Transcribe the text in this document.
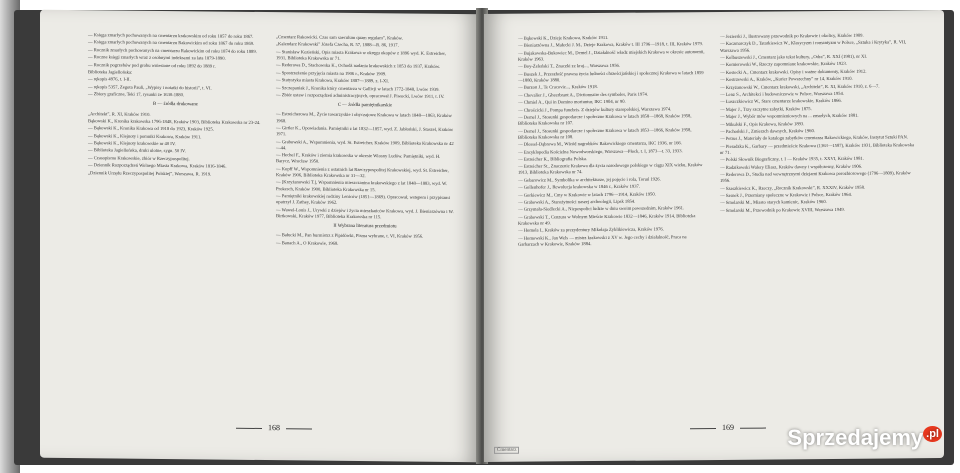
— Księga zmarłych pochowanych na cmentarzu krakowskim od roku 1857 do roku 1867.

— Księga zmarłych pochowanych na cmentarzu Rakowickim od roku 1867 do roku 1869.

— Rocznik zmarłych pochowanych na cmentarzu Rakowickim od roku 1874 do roku 1889.

— Roczne księgi zmarłych wraz z osobnymi indeksami za lata 1879-1890.

— Rocznik pogrzebów pod grobu wniesione od roku 1892 do 1889 r.

Biblioteka Jagiellońska:

— rękopis 4976, t. I-II.

— rękopis 5357, Zegota Pauli, „Wypisy i notatki do historii”, t. VI.

— Zbiory graficzne, Teki 17, rysunki ze 1630-1880.

B — źródła drukowane

„Architekt”, R. XI, Kraków 1910.

Bąkowski K., Kronika krakowska 1796-1848, Kraków 1903, Biblioteka Krakowska nr 23-24.

— Bąkowski K., Kronika Krakowa od 1918 do 1923, Kraków 1925.

— Bąkowski K., Klejnoty i pomniki Krakowa, Kraków 1911.

— Bąkowski K., Klejnoty krakowskie nr 40 IV.

— Biblioteka Jagiellońska, druki ulotne, sygn. 50 IV.

— Czasopismo Krakowskie, zbiór w Rzeczypospolitej.

— Dziennik Rozporządzeń Wolnego Miasta Krakowa, Kraków 1816-1846.

„Dziennik Urzędu Rzeczypospolitej Polskiej”, Warszawa, R. 1919.

„Cmentarz Rakowicki. Czas sam saeculum quam regulam”, Kraków.

„Kalendarz Krakowski” Józefa Czecha, R. 57, 1888—R. 86, 1917.

— Stanisław Kozieński, Opis miasta Krakowa w okręgu okopów z 1896 wyd. K. Estreicher, 1931, Biblioteka Krakowska nr 71.

— Rederowa D., Stachowska K., Ochodź nadania krakowskich z 1853 do 1937, Kraków.

— Spostrzeżenie przyjęcia miasta na 1906 r., Kraków 1909.

— Statystyka miasta Krakowa, Kraków 1887—1889, z. I-XI.

— Szczepaniak J., Kronika który cmentarza w Gallicji w latach 1772-1848, Lwów 1939.

— Zbiór ustaw i rozporządzeń administracyjnych, opracował J. Piwocki, Lwów 1911, t. IV.

C — źródła pamiętnikarskie

— Estreicherowa M., Życie towarzyskie i obyczajowe Krakowa w latach 1848—1863, Kraków 1968.

— Girtler K., Opowiadania. Pamiętniki z lat 1832—1857, wyd. Z. Jabłoński, J. Staszel, Kraków 1971.

— Grabowski A., Wspomnienia, wyd. St. Estreicher, Kraków 1909, Biblioteka Krakowska nr 42—44.

— Hechel F., Kraków i ziemia krakowska w okresie Wiosny Ludów. Pamiętniki, wyd. H. Barycz, Wrocław 1950.

— Kopff W., Wspomnienia z ostatnich lat Rzeczypospolitej Krakowskiej, wyd. St. Estreicher, Kraków 1906, Biblioteka Krakowska nr 31—32.

— [Krzyżanowski T.], Wspomnienia mieszczanina krakowskiego z lat 1848—1883, wyd. W. Prokesch, Kraków 1900, Biblioteka Krakowska nr 15.

— Pamiętniki krakowskiej rodziny Leniców (1851—1869). Opracował, wstępem i przypisami opatrzył J. Zathey, Kraków 1962.

— Wawel-Louis J., Urywki z dziejów i życia mieszkańców Krakowa, wyd. J. Bieniarzówna i W. Birtkowski, Kraków 1977, Biblioteka Krakowska nr 115.

II Wybrana literatura przedmiotu

— Bałucki M., Pan burmistrz z Pipidówki, Pisma wybrane, t. VI, Kraków 1956.

— Banach A., O Krakowie, 1968.

168

— Bąkowski K., Dzieje Krakowa, Kraków 1911.

— Bieniarzówna J., Małecki J. M., Dzieje Krakowa, Kraków t. III 1796—1918, t. III, Kraków 1979.

— Bujakowska-Bukowiec M., Demel J., Działalność władz miejskich Krakowa w okresie autonomii, Kraków 1963.

— Boy-Żeleński T., Znaczki ze kraj..., Warszawa 1956.

— Buszek J., Przeszłość prawna życia ludności chrześcijańskiej i społecznej Krakowa w latach 1859—1880, Kraków 1880.

— Burzon J., Te Cracovie..., Kraków 1918.

— Chevalier J., Gheerbrant A., Dictionnaire des symboles, Paris 1974.

— Chmiel A., Qui in Domino moriuntur, IKC 1904, nr 90.

— Chrościcki J., Pompa funebris. Z dziejów kultury staropolskiej, Warszawa 1974.

— Demel J., Stosunki gospodarcze i społeczne Krakowa w latach 1858—1868, Kraków 1958, Biblioteka Krakowska nr 107.

— Demel J., Stosunki gospodarcze i społeczne Krakowa w latach 1853—1866, Kraków 1958, Biblioteka Krakowska nr 108.

— Dlessel-Dąbrowa M., Wśród nagrobków Rakowickiego cmentarza, IKC 1936, nr 166.

— Encyklopedia Kościelna Nowodworskiego, Warszawa—Płock, t. I, 1873—t. 33, 1933.

— Estreicher K., Bibliografia Polska.

— Estreicher St., Znaczenie Krakowa dla życia narodowego polskiego w ciągu XIX wieku, Kraków 1913, Biblioteka Krakowska nr 74.

— Gebarowicz M., Symbolika w architekturze, jej pojęcie i rola, Toruń 1926.

— Gollenhofer J., Rewolucja krakowska w 1846 r., Kraków 1937.

— Gorkiewicz M., Cmy w Krakowie w latach 1796—1914, Kraków 1950.

— Grabowski A., Starożytności naszej archeologii, Lipsk 1854.

— Grzymała-Siedlecki A., Niepospolici ludzie w dniu swoim powszednim, Kraków 1961.

— Grabowski T., Cenzura w Wolnym Mieście Krakowie 1832—1846, Kraków 1914, Biblioteka Krakowska nr 49.

— Homola I., Kraków za prezydentury Mikołaja Zyblikiewicza, Kraków 1976.

— Homowski K., Jan Wels — mistrz krakowski z XV w. Jego cechy i działalność, Praca na Garbarzach w Krakowie, Kraków 1884.

— Jezierski J., Ilustrowany przewodnik po Krakowie i okolicy, Kraków 1909.

— Kaczmarczyk D., Tatarkiewicz W., Klasycyzm i romantyzm w Polsce, „Sztuka i Krytyka”, R. VII, Warszawa 1956.

— Kolbuszewski J., Cmentarz jako tekst kultury, „Odra”, R. XXI (1981), nr XI.

— Komierowski W., Rzeczy zapomniane krakowskie, Kraków 1923.

— Kostecki A., Cmentarz krakowski. Opisy i ważne dokumenty, Kraków 1912.

— Kostrzewski A., Kraków, „Kurier Powszechny” nr 14, Kraków 1910.

— Krzyżanowski W., Cmentarz krakowski, „Architekt”, R. XI, Kraków 1910, z. 6—7.

— Lenz S., Architekci i budowniczowie w Polsce, Warszawa 1954.

— Łuszczkiewicz W., Stare cmentarze krakowskie, Kraków 1866.

— Majer J., Trzy szczytne zabytki, Kraków 1875.

— Majer J., Wybór mów wspomnieniowych na ... zmarłych, Kraków 1881.

— Mikulski F., Opis Krakowa, Kraków 1893.

— Pachoński J., Zmierzch dawnych, Kraków 1960.

— Petrus J., Materiały do katalogu zabytków cmentarza Rakowickiego, Kraków, Instytut Sztuki PAN.

— Pieradzka K., Garbary — przedmieście Krakowa (1363—1587), Kraków 1931, Biblioteka Krakowska nr 71.

— Polski Słownik Biograficzny, t. I — Kraków 1935, t. XXVI, Kraków 1981.

— Radzikowski Walery Eliasz, Kraków dawny i współczesny, Kraków 1906.

— Rederowa D., Studia nad wewnętrznymi dziejami Krakowa porozbiorowego (1796—1809), Kraków 1956.

— Szaszkiewicz K., Rzeczy, „Rocznik Krakowski”, R. XXXIV, Kraków 1958.

— Sasnek J., Przemiany społeczne w Krakowie i Polsce, Kraków 1964.

— Smolarski M., Miasto starych kamienic, Kraków 1960.

— Smolarski M., Przewodnik po Krakowie XVIII, Warszawa 1949.

169
Cmentarz
Sprzedajemy $^{.pl}$
